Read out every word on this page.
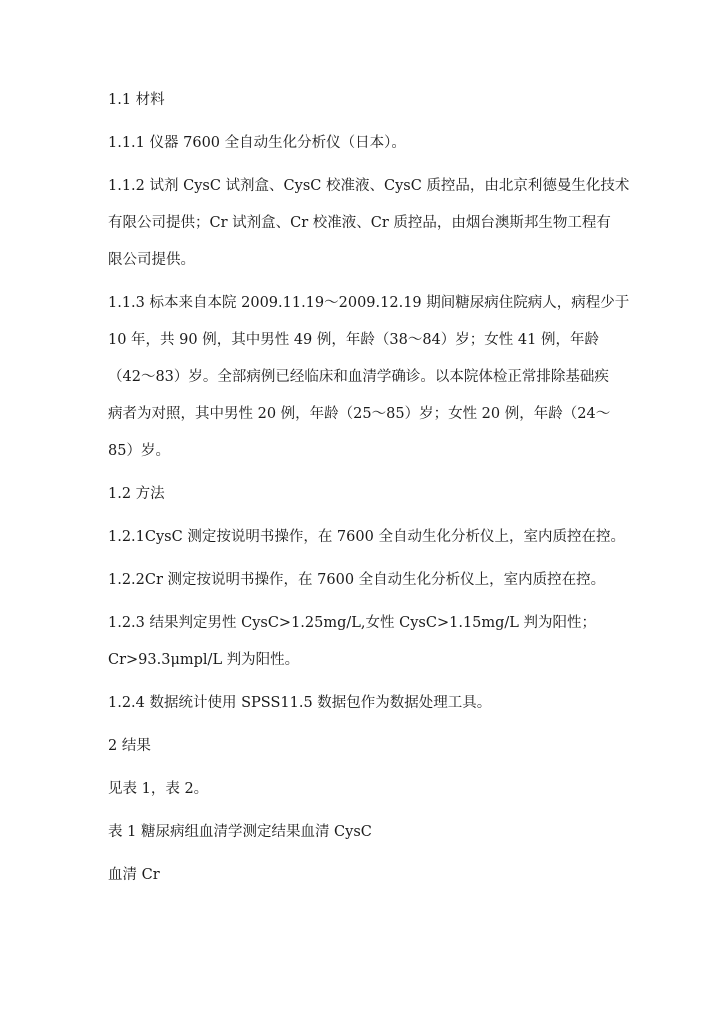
1.1 材料
1.1.1 仪器 7600 全自动生化分析仪（日本）。
1.1.2 试剂 CysC 试剂盒、CysC 校准液、CysC 质控品，由北京利德曼生化技术
有限公司提供；Cr 试剂盒、Cr 校准液、Cr 质控品，由烟台澳斯邦生物工程有
限公司提供。
1.1.3 标本来自本院 2009.11.19～2009.12.19 期间糖尿病住院病人，病程少于
10 年，共 90 例，其中男性 49 例，年龄（38～84）岁；女性 41 例，年龄
（42～83）岁。全部病例已经临床和血清学确诊。以本院体检正常排除基础疾
病者为对照，其中男性 20 例，年龄（25～85）岁；女性 20 例，年龄（24～
85）岁。
1.2 方法
1.2.1CysC 测定按说明书操作，在 7600 全自动生化分析仪上，室内质控在控。
1.2.2Cr 测定按说明书操作，在 7600 全自动生化分析仪上，室内质控在控。
1.2.3 结果判定男性 CysC>1.25mg/L,女性 CysC>1.15mg/L 判为阳性；
Cr>93.3μmpl/L 判为阳性。
1.2.4 数据统计使用 SPSS11.5 数据包作为数据处理工具。
2 结果
见表 1，表 2。
表 1 糖尿病组血清学测定结果血清 CysC
血清 Cr
